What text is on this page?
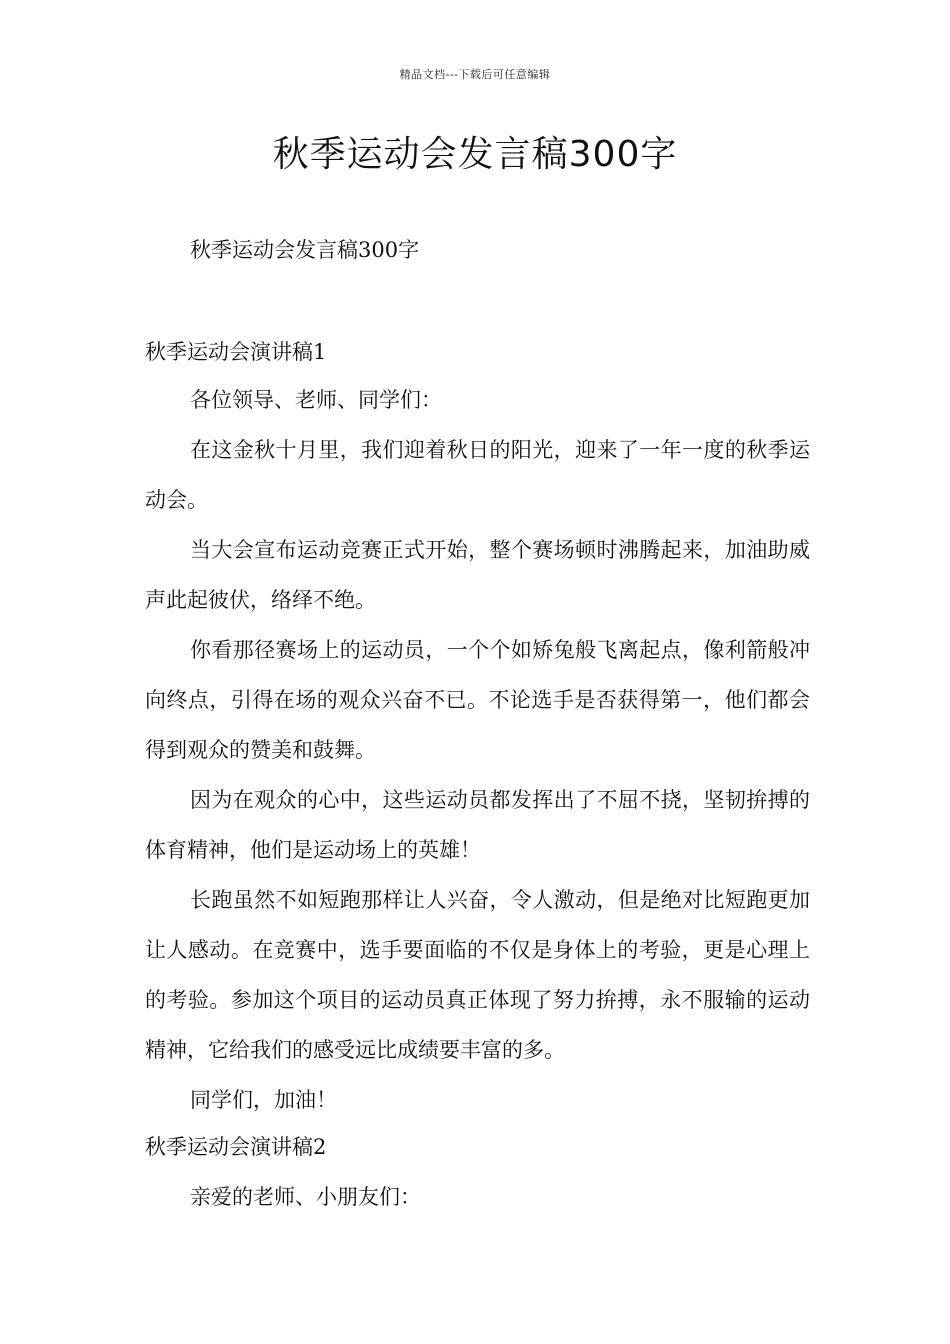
精品文档---下载后可任意编辑
秋季运动会发言稿300字
秋季运动会发言稿300字
秋季运动会演讲稿1

各位领导、老师、同学们：

在这金秋十月里，我们迎着秋日的阳光，迎来了一年一度的秋季运动会。

当大会宣布运动竞赛正式开始，整个赛场顿时沸腾起来，加油助威声此起彼伏，络绎不绝。

你看那径赛场上的运动员，一个个如矫兔般飞离起点，像利箭般冲向终点，引得在场的观众兴奋不已。不论选手是否获得第一，他们都会得到观众的赞美和鼓舞。

因为在观众的心中，这些运动员都发挥出了不屈不挠，坚韧拚搏的体育精神，他们是运动场上的英雄！

长跑虽然不如短跑那样让人兴奋，令人激动，但是绝对比短跑更加让人感动。在竞赛中，选手要面临的不仅是身体上的考验，更是心理上的考验。参加这个项目的运动员真正体现了努力拚搏，永不服输的运动精神，它给我们的感受远比成绩要丰富的多。

同学们，加油！

秋季运动会演讲稿2

亲爱的老师、小朋友们：
